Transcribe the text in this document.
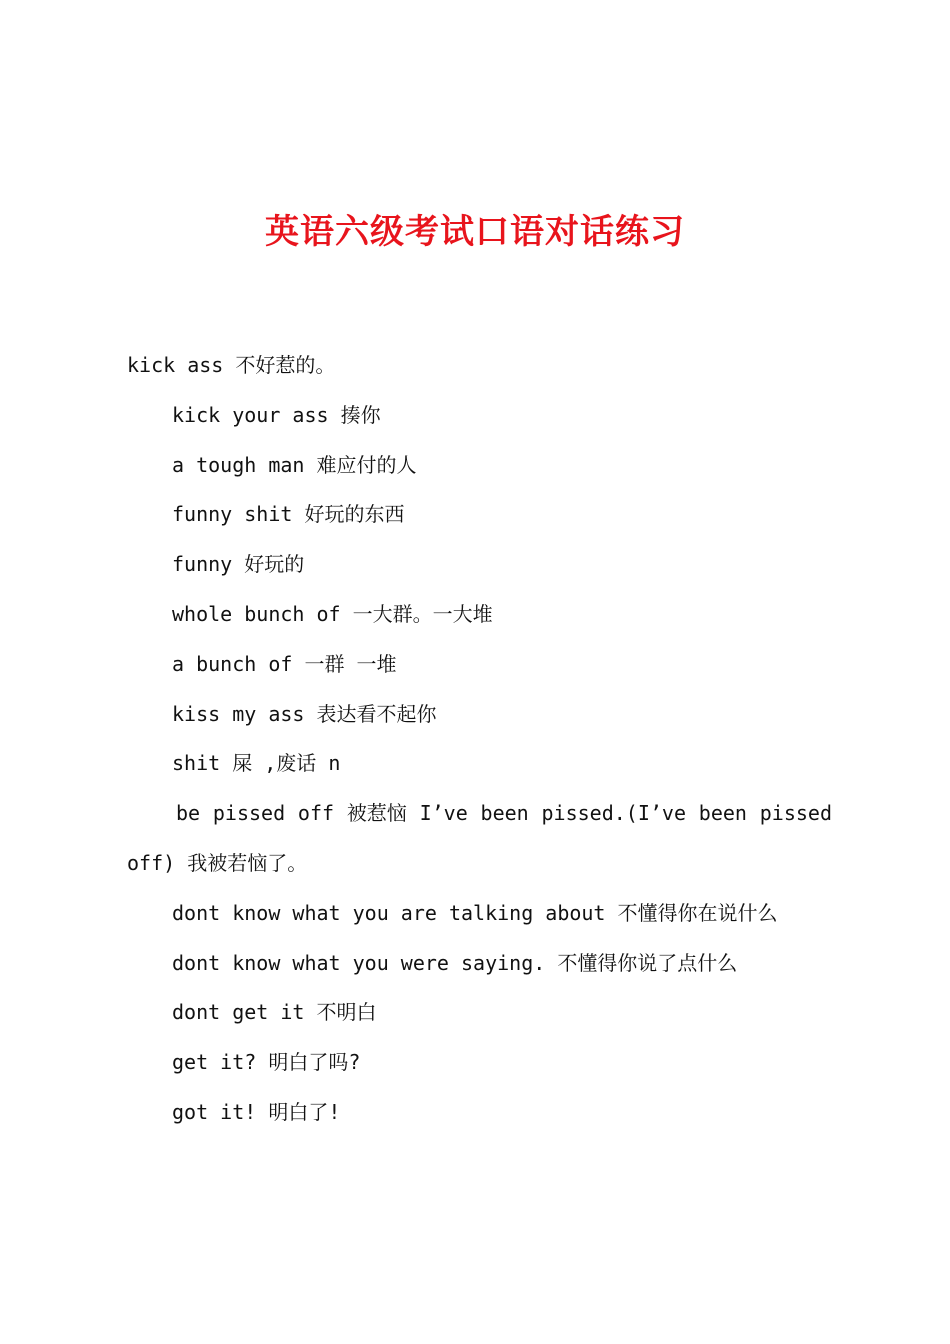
英语六级考试口语对话练习
kick ass 不好惹的。
kick your ass 揍你
a tough man 难应付的人
funny shit 好玩的东西
funny 好玩的
whole bunch of 一大群。一大堆
a bunch of 一群 一堆
kiss my ass 表达看不起你
shit 屎 ,废话 n
be pissed off 被惹恼 I’ve been pissed.(I’ve been pissed
off) 我被若恼了。
dont know what you are talking about 不懂得你在说什么
dont know what you were saying. 不懂得你说了点什么
dont get it 不明白
get it? 明白了吗?
got it! 明白了!
